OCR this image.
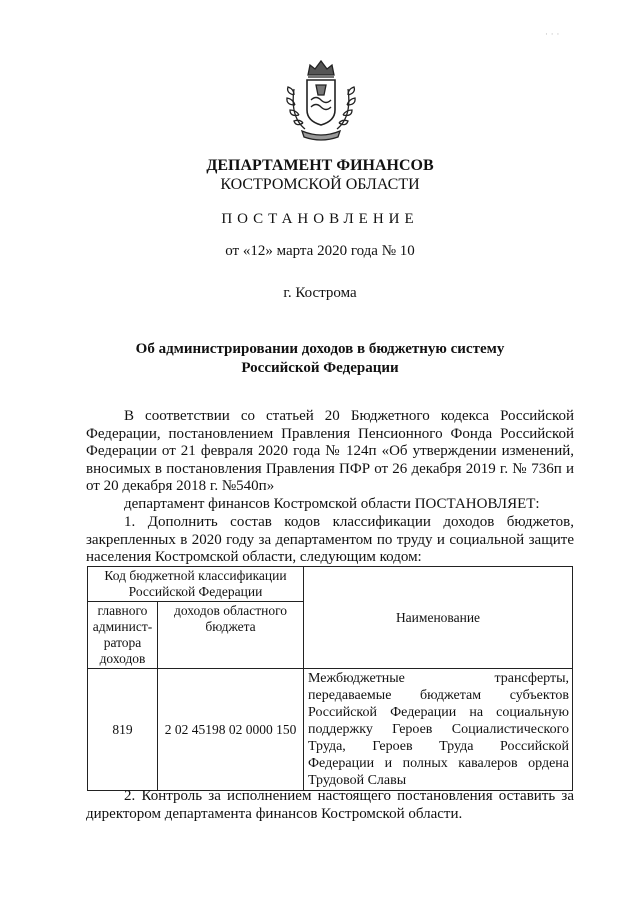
· · ·
ДЕПАРТАМЕНТ ФИНАНСОВ
КОСТРОМСКОЙ ОБЛАСТИ
ПОСТАНОВЛЕНИЕ
от «12» марта 2020 года № 10
г. Кострома
Об администрировании доходов в бюджетную систему
Российской Федерации
В соответствии со статьей 20 Бюджетного кодекса Российской Федерации, постановлением Правления Пенсионного Фонда Российской Федерации от 21 февраля 2020 года № 124п «Об утверждении изменений, вносимых в постановления Правления ПФР от 26 декабря 2019 г. № 736п и от 20 декабря 2018 г. №540п»
департамент финансов Костромской области ПОСТАНОВЛЯЕТ:
1. Дополнить состав кодов классификации доходов бюджетов, закрепленных в 2020 году за департаментом по труду и социальной защите населения Костромской области, следующим кодом:
Код бюджетной классификации Российской Федерации		Наименование
главного админист-ратора доходов	доходов областного бюджета	
819	2 02 45198 02 0000 150	Межбюджетные трансферты, передаваемые бюджетам субъектов Российской Федерации на социальную поддержку Героев Социалистического Труда, Героев Труда Российской Федерации и полных кавалеров ордена Трудовой Славы
2. Контроль за исполнением настоящего постановления оставить за директором департамента финансов Костромской области.
